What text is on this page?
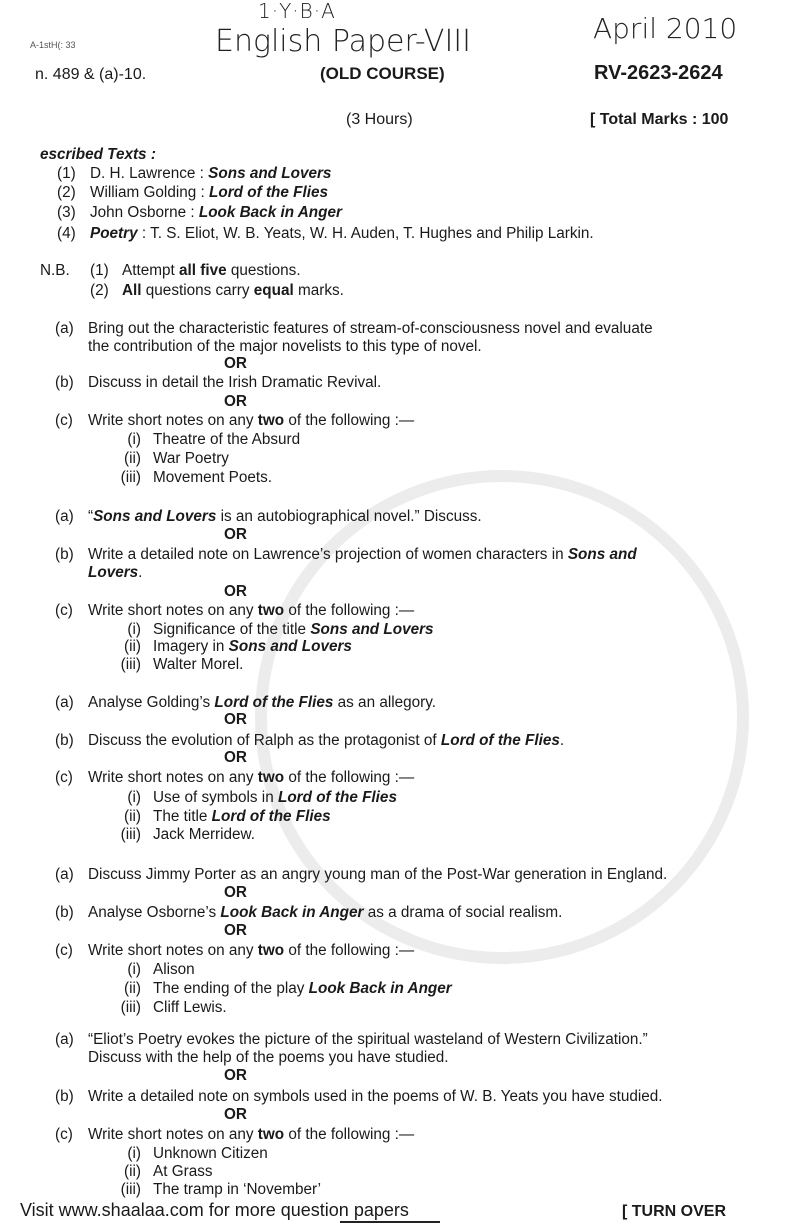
A-1stH(: 33
1·Y·B·A
English Paper-VIII	April 2010
n. 489 & (a)-10.	(OLD COURSE)	RV-2623-2624
(3 Hours)	[ Total Marks : 100
escribed Texts :
(1) D. H. Lawrence : Sons and Lovers
(2) William Golding : Lord of the Flies
(3) John Osborne : Look Back in Anger
(4) Poetry : T. S. Eliot, W. B. Yeats, W. H. Auden, T. Hughes and Philip Larkin.
N.B. (1) Attempt all five questions.
(2) All questions carry equal marks.
(a) Bring out the characteristic features of stream-of-consciousness novel and evaluate
the contribution of the major novelists to this type of novel.
OR
(b) Discuss in detail the Irish Dramatic Revival.
OR
(c) Write short notes on any two of the following :—
(i) Theatre of the Absurd
(ii) War Poetry
(iii) Movement Poets.
(a) “Sons and Lovers is an autobiographical novel.” Discuss.
OR
(b) Write a detailed note on Lawrence’s projection of women characters in Sons and
Lovers.
OR
(c) Write short notes on any two of the following :—
(i) Significance of the title Sons and Lovers
(ii) Imagery in Sons and Lovers
(iii) Walter Morel.
(a) Analyse Golding’s Lord of the Flies as an allegory.
OR
(b) Discuss the evolution of Ralph as the protagonist of Lord of the Flies.
OR
(c) Write short notes on any two of the following :—
(i) Use of symbols in Lord of the Flies
(ii) The title Lord of the Flies
(iii) Jack Merridew.
(a) Discuss Jimmy Porter as an angry young man of the Post-War generation in England.
OR
(b) Analyse Osborne’s Look Back in Anger as a drama of social realism.
OR
(c) Write short notes on any two of the following :—
(i) Alison
(ii) The ending of the play Look Back in Anger
(iii) Cliff Lewis.
(a) “Eliot’s Poetry evokes the picture of the spiritual wasteland of Western Civilization.”
Discuss with the help of the poems you have studied.
OR
(b) Write a detailed note on symbols used in the poems of W. B. Yeats you have studied.
OR
(c) Write short notes on any two of the following :—
(i) Unknown Citizen
(ii) At Grass
(iii) The tramp in ‘November’
Visit www.shaalaa.com for more question papers	[ TURN OVER
